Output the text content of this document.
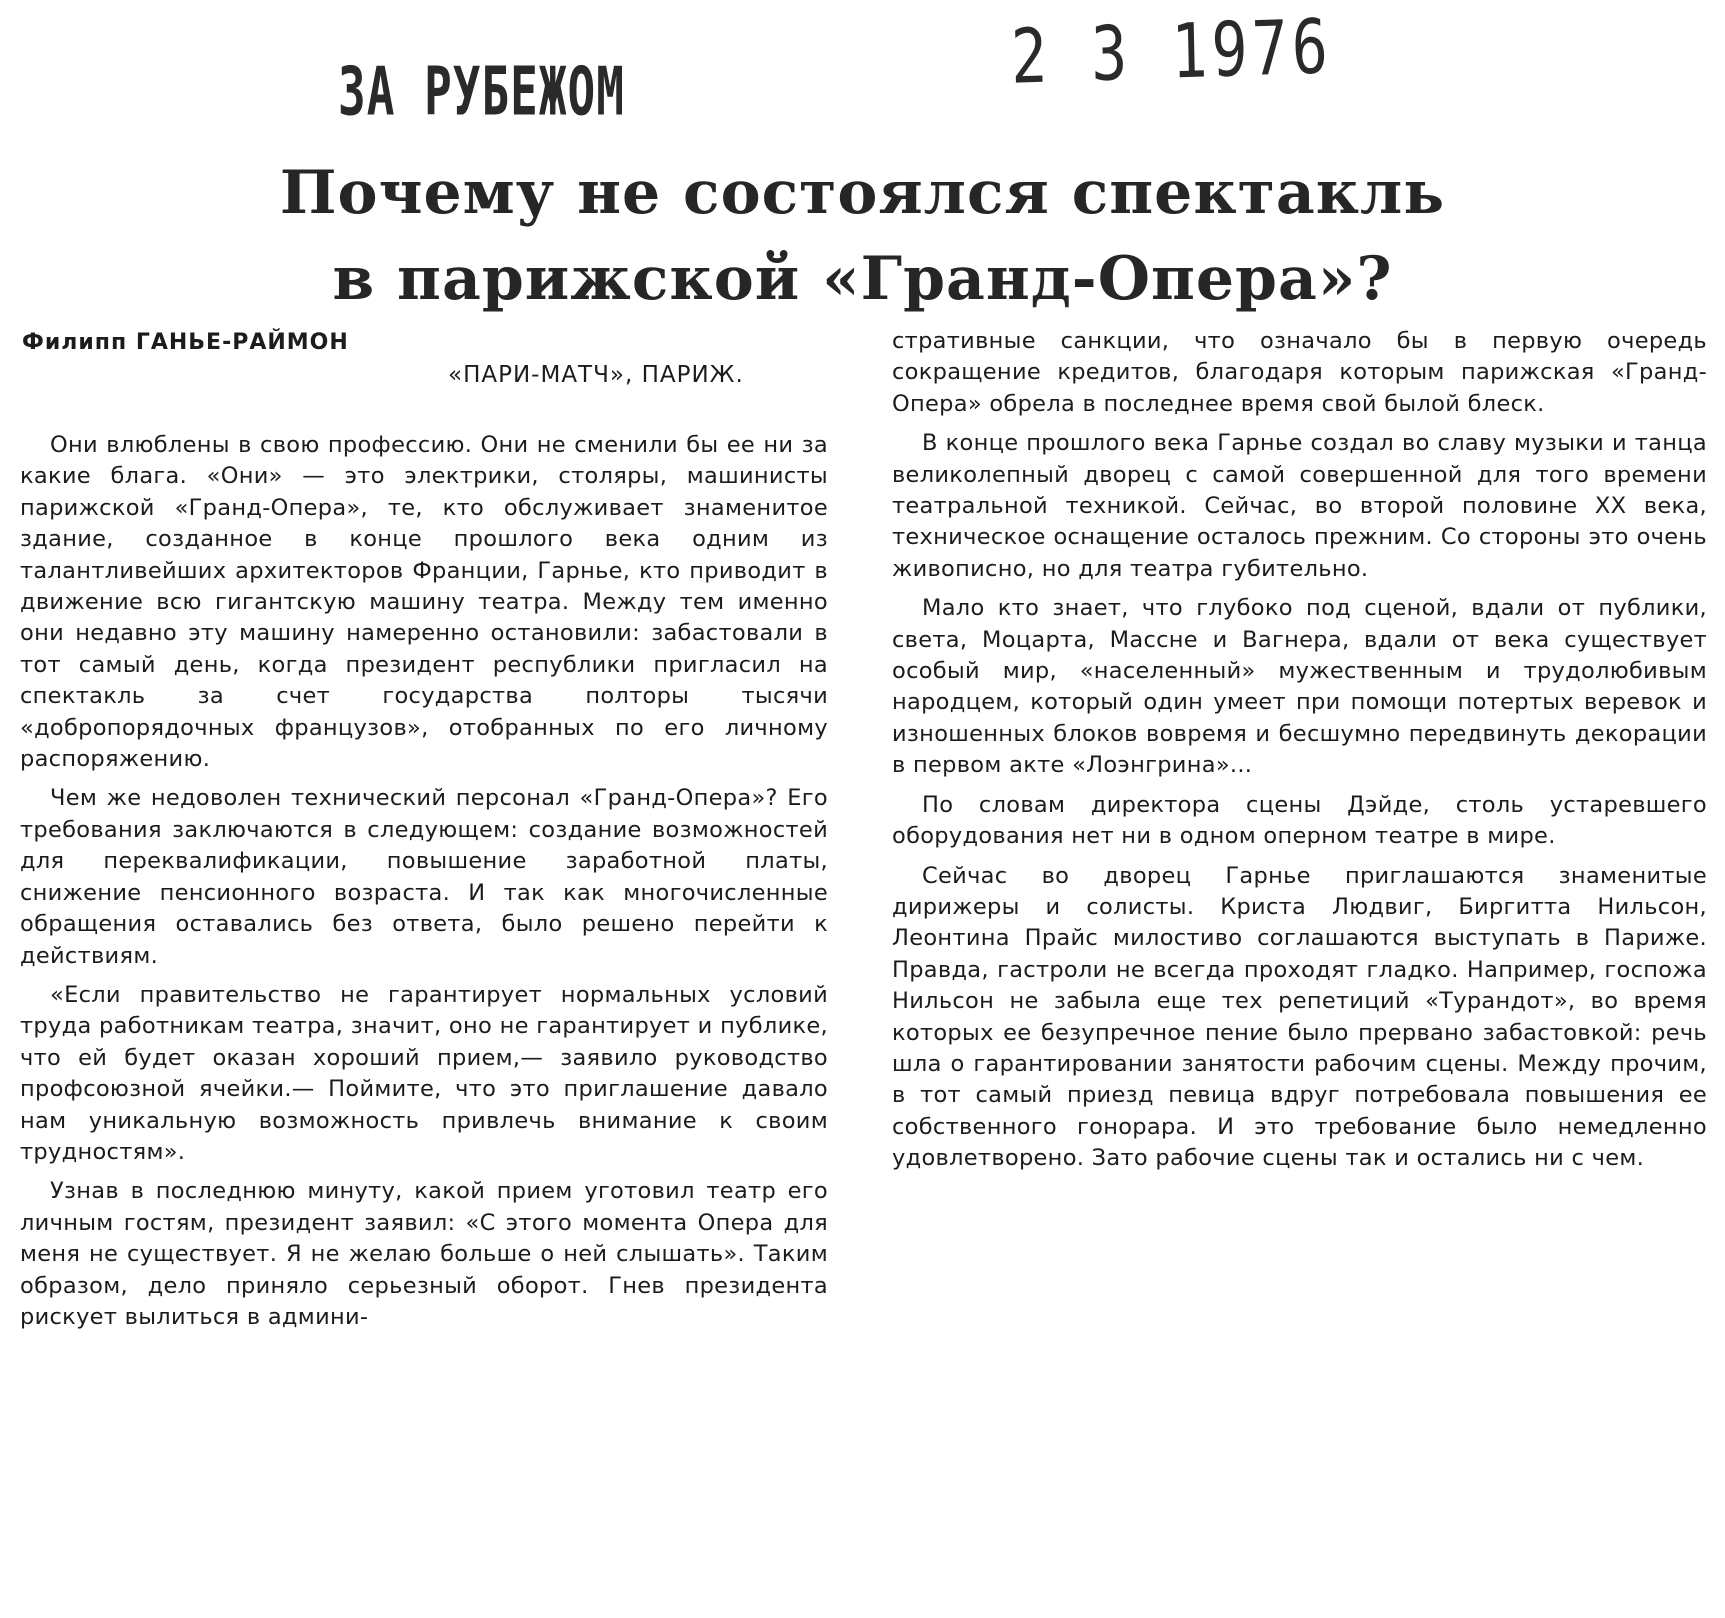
ЗА РУБЕЖОМ	2 3 1976
Почему не состоялся спектакль
в парижской «Гранд-Опера»?
Филипп ГАНЬЕ-РАЙМОН
«ПАРИ-МАТЧ», ПАРИЖ.

Они влюблены в свою профессию. Они не сменили бы ее ни за какие блага. «Они» — это электрики, столяры, машинисты парижской «Гранд-Опера», те, кто обслуживает знаменитое здание, созданное в конце прошлого века одним из талантливейших архитекторов Франции, Гарнье, кто приводит в движение всю гигантскую машину театра. Между тем именно они недавно эту машину намеренно остановили: забастовали в тот самый день, когда президент республики пригласил на спектакль за счет государства полторы тысячи «добропорядочных французов», отобранных по его личному распоряжению.

Чем же недоволен технический персонал «Гранд-Опера»? Его требования заключаются в следующем: создание возможностей для переквалификации, повышение заработной платы, снижение пенсионного возраста. И так как многочисленные обращения оставались без ответа, было решено перейти к действиям.

«Если правительство не гарантирует нормальных условий труда работникам театра, значит, оно не гарантирует и публике, что ей будет оказан хороший прием,— заявило руководство профсоюзной ячейки.— Поймите, что это приглашение давало нам уникальную возможность привлечь внимание к своим трудностям».

Узнав в последнюю минуту, какой прием уготовил театр его личным гостям, президент заявил: «С этого момента Опера для меня не существует. Я не желаю больше о ней слышать». Таким образом, дело приняло серьезный оборот. Гнев президента рискует вылиться в админи-

стративные санкции, что означало бы в первую очередь сокращение кредитов, благодаря которым парижская «Гранд-Опера» обрела в последнее время свой былой блеск.

В конце прошлого века Гарнье создал во славу музыки и танца великолепный дворец с самой совершенной для того времени театральной техникой. Сейчас, во второй половине XX века, техническое оснащение осталось прежним. Со стороны это очень живописно, но для театра губительно.

Мало кто знает, что глубоко под сценой, вдали от публики, света, Моцарта, Массне и Вагнера, вдали от века существует особый мир, «населенный» мужественным и трудолюбивым народцем, который один умеет при помощи потертых веревок и изношенных блоков вовремя и бесшумно передвинуть декорации в первом акте «Лоэнгрина»...

По словам директора сцены Дэйде, столь устаревшего оборудования нет ни в одном оперном театре в мире.

Сейчас во дворец Гарнье приглашаются знаменитые дирижеры и солисты. Криста Людвиг, Биргитта Нильсон, Леонтина Прайс милостиво соглашаются выступать в Париже. Правда, гастроли не всегда проходят гладко. Например, госпожа Нильсон не забыла еще тех репетиций «Турандот», во время которых ее безупречное пение было прервано забастовкой: речь шла о гарантировании занятости рабочим сцены. Между прочим, в тот самый приезд певица вдруг потребовала повышения ее собственного гонорара. И это требование было немедленно удовлетворено. Зато рабочие сцены так и остались ни с чем.
